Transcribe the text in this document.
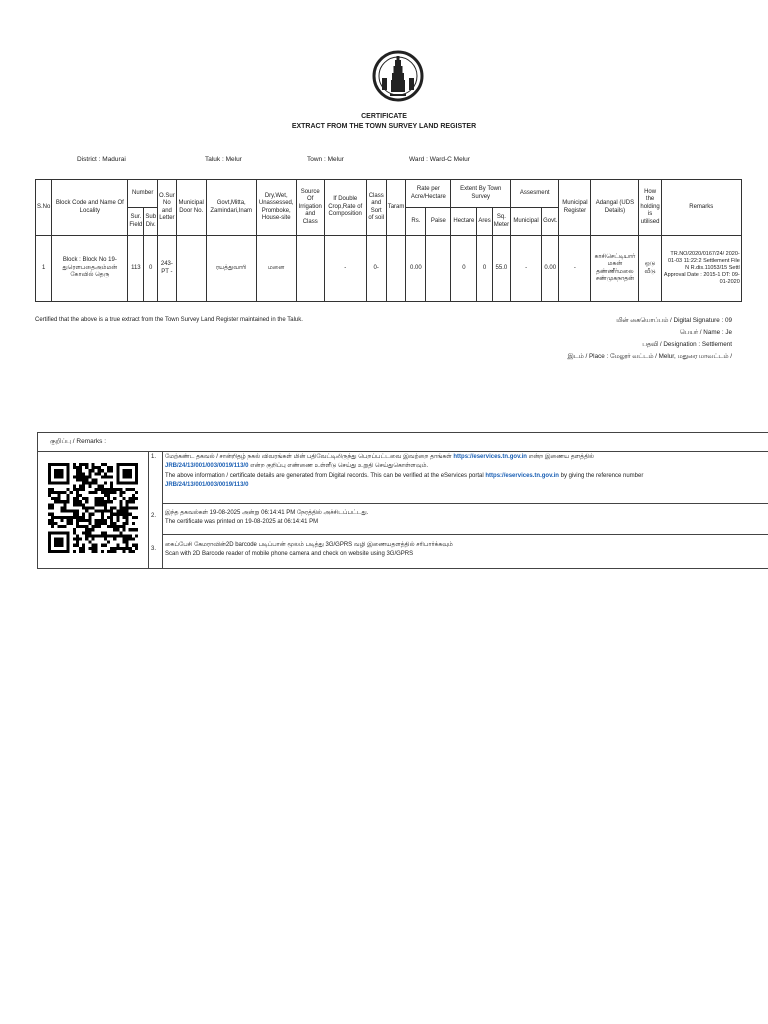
CERTIFICATE
EXTRACT FROM THE TOWN SURVEY LAND REGISTER
District : Madurai	Taluk : Melur	Town : Melur	Ward : Ward-C Melur
S.No	Block Code and Name Of Locality	Number		O.Sur No and Letter	Municipal Door No.	Govt,Mitta, Zamindari,Inam	Dry,Wet, Unassessed, Promboke, House-site	Source Of Irrigation and Class	If Double Crop,Rate of Composition	Class and Sort of soil	Taram	Rate per Acre/Hectare		Extent By Town Survey			Assesment		Municipal Register	Adangal (UDS Details)	How the holding is utilised	Remarks
		Sur. Field	Sub Div.									Rs.	Paise	Hectare	Ares	Sq. Meter	Municipal	Govt.				
1	Block : Block No 19-துரௌபதைஅம்மன் கோவில் தெரு	113	0	243-PT -		ரயத்துவாரி	மனை		-	0-		0.00		0	0	55.0	-	0.00	-	காசிசெட்டியார் மகன் தண்ணீர்மலை சண்முகநாதன்	ஒடு வீடு	TR.NO/2020/0167/24/ 2020-01-03 11:22:2 Settlement File N R.dis.11053/15 Settl Approval Date : 2015-1 DT: 09-01-2020
Certified that the above is a true extract from the Town Survey Land Register maintained in the Taluk.	மின் கையொப்பம் / Digital Signature : 09
பெயர் / Name : Je
பதவி / Designation : Settlement
இடம் / Place : மேலூர் வட்டம் / Melur, மதுரை மாவட்டம் /
குறிப்பு / Remarks :
1. மேற்கண்ட தகவல் / சான்றிதழ் நகல் விவரங்கள் மின் பதிவேட்டிலிருந்து பெறப்பட்டவை இவற்றை தாங்கள் https://eservices.tn.gov.in என்ற இணைய தளத்தில்
JRB/24/13/001/003/0019/113/0 என்ற குறிப்பு எண்ணை உள்ளீடு செய்து உறுதி செய்துகொள்ளவும்.
The above information / certificate details are generated from Digital records. This can be verified at the eServices portal https://eservices.tn.gov.in by giving the reference number
JRB/24/13/001/003/0019/113/0
2. இந்த தகவல்கள் 19-08-2025 அன்று 06:14:41 PM நேரத்தில் அச்சிடப்பட்டது.
The certificate was printed on 19-08-2025 at 06:14:41 PM
3.
கைப்பேசி கேமராவின்2D barcode படிப்பான் மூலம் படித்து 3G/GPRS வழி இணையதளத்தில் சரிபார்க்கவும்
Scan with 2D Barcode reader of mobile phone camera and check on website using 3G/GPRS
